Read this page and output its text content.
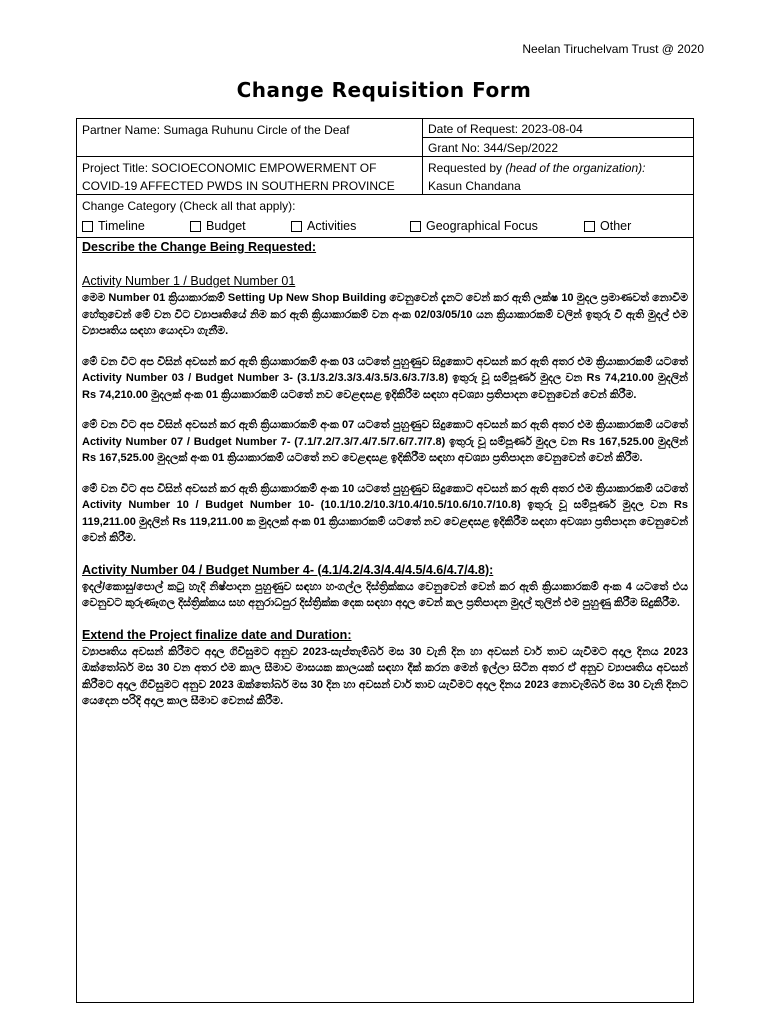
Neelan Tiruchelvam Trust @ 2020
Change Requisition Form
Partner Name: Sumaga Ruhunu Circle of the Deaf	Date of Request: 2023-08-04
Grant No: 344/Sep/2022
Project Title: SOCIOECONOMIC EMPOWERMENT OF
COVID-19 AFFECTED PWDS IN SOUTHERN PROVINCE
Requested by (head of the organization):
Kasun Chandana
Change Category (Check all that apply):
Timeline	Budget	Activities	Geographical Focus	Other

Describe the Change Being Requested:

Activity Number 1 / Budget Number 01

මෙම Number 01 ක්‍රියාකාරකම් Setting Up New Shop Building වෙනුවෙන් දැනට වෙන් කර ඇති ලක්ෂ 10 මුදල ප්‍රමාණවත් නොවීම හේතුවෙන් මේ වන විට ව්‍යාපෘතියේ නිම කර ඇති ක්‍රියාකාරකම් වන අංක 02/03/05/10 යන ක්‍රියාකාරකම් වලින් ඉතුරු වී ඇති මුදල් එම ව්‍යාපෘතිය සඳහා යොදවා ගැනීම.

මේ වන විට අප විසින් අවසන් කර ඇති ක්‍රියාකාරකම් අංක 03 යටතේ පුහුණුව සිදුකොට අවසන් කර ඇති අතර එම ක්‍රියාකාරකම් යටතේ Activity Number 03 / Budget Number 3- (3.1/3.2/3.3/3.4/3.5/3.6/3.7/3.8) ඉතුරු වූ සම්පූර්ණ මුදල වන Rs 74,210.00 මුදලින් Rs 74,210.00 මුදලක් අංක 01 ක්‍රියාකාරකම් යටතේ නව වෙළඳසළ ඉදිකිරීම සඳහා අවශ්‍යා ප්‍රතිපාදන වෙනුවෙන් වෙන් කිරීම.

මේ වන විට අප විසින් අවසන් කර ඇති ක්‍රියාකාරකම් අංක 07 යටතේ පුහුණුව සිදුකොට අවසන් කර ඇති අතර එම ක්‍රියාකාරකම් යටතේ Activity Number 07 / Budget Number 7- (7.1/7.2/7.3/7.4/7.5/7.6/7.7/7.8) ඉතුරු වූ සම්පූර්ණ මුදල වන Rs 167,525.00 මුදලින් Rs 167,525.00 මුදලක් අංක 01 ක්‍රියාකාරකම් යටතේ නව වෙළඳසළ ඉදිකිරීම සඳහා අවශ්‍යා ප්‍රතිපාදන වෙනුවෙන් වෙන් කිරීම.

මේ වන විට අප විසින් අවසන් කර ඇති ක්‍රියාකාරකම් අංක 10 යටතේ පුහුණුව සිදුකොට අවසන් කර ඇති අතර එම ක්‍රියාකාරකම් යටතේ Activity Number 10 / Budget Number 10- (10.1/10.2/10.3/10.4/10.5/10.6/10.7/10.8) ඉතුරු වූ සම්පූර්ණ මුදල වන Rs 119,211.00 මුදලින් Rs 119,211.00 ක මුදලක් අංක 01 ක්‍රියාකාරකම් යටතේ නව වෙළඳසළ ඉදිකිරීම සඳහා අවශ්‍යා ප්‍රතිපාදන වෙනුවෙන් වෙන් කිරීම.

Activity Number 04 / Budget Number 4- (4.1/4.2/4.3/4.4/4.5/4.6/4.7/4.8):

ඉදල්/කොසු/පොල් කටු හැදි නිෂ්පාදන පුහුණුව සඳහා හංගල්ල දිස්ත්‍රික්කය වෙනුවෙන් වෙන් කර ඇති ක්‍රියාකාරකම් අංක 4 යටතේ එය වෙනුවට කුරුණෑගල දිස්ත්‍රික්කය සහ අනුරාධපුර දිස්ත්‍රික්ක දෙක සඳහා අදාල වෙන් කල ප්‍රතිපාදන මුදල් තුලින් එම පුහුණු කිරීම සිදුකිරීම.

Extend the Project finalize date and Duration:

ව්‍යාපෘතිය අවසන් කිරීමට අදාල ගිවිසුමට අනුව 2023-සැප්තැම්බර් මස 30 වැනි දින හා අවසන් වාර් තාව යැවීමට අදාල දිනය 2023 ඔක්තෝබර් මස 30 වන අතර එම කාල සීමාව මාසයක කාලයක් සඳහා දීක් කරන මෙන් ඉල්ලා සිටින අතර ඒ අනුව ව්‍යාපෘතිය අවසන් කිරීමට අදාල ගිවිසුමට අනුව 2023 ඔක්තෝබර් මස 30 දින හා අවසන් වාර් තාව යැවීමට අදාල දිනය 2023 නොවැම්බර් මස 30 වැනි දිනට යෙදෙන පරිදි අදාල කාල සීමාව වෙනස් කිරීම.
